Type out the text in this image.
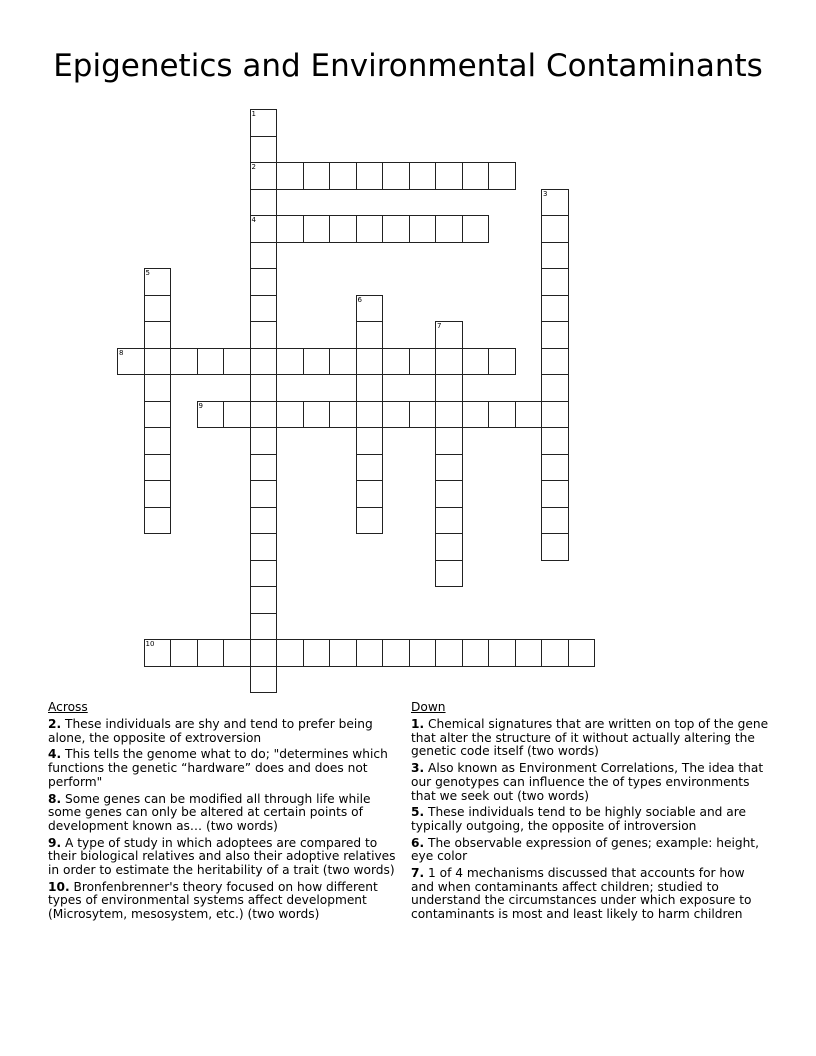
Epigenetics and Environmental Contaminants
1
2
4
3
5
6
7
8
9
10
Across
2. These individuals are shy and tend to prefer being alone, the opposite of extroversion
4. This tells the genome what to do; "determines which functions the genetic “hardware” does and does not perform"
8. Some genes can be modified all through life while some genes can only be altered at certain points of development known as… (two words)
9. A type of study in which adoptees are compared to their biological relatives and also their adoptive relatives in order to estimate the heritability of a trait (two words)
10. Bronfenbrenner's theory focused on how different types of environmental systems affect development (Microsytem, mesosystem, etc.) (two words)
Down
1. Chemical signatures that are written on top of the gene that alter the structure of it without actually altering the genetic code itself (two words)
3. Also known as Environment Correlations, The idea that our genotypes can influence the of types environments that we seek out (two words)
5. These individuals tend to be highly sociable and are typically outgoing, the opposite of introversion
6. The observable expression of genes; example: height, eye color
7. 1 of 4 mechanisms discussed that accounts for how and when contaminants affect children; studied to understand the circumstances under which exposure to contaminants is most and least likely to harm children
